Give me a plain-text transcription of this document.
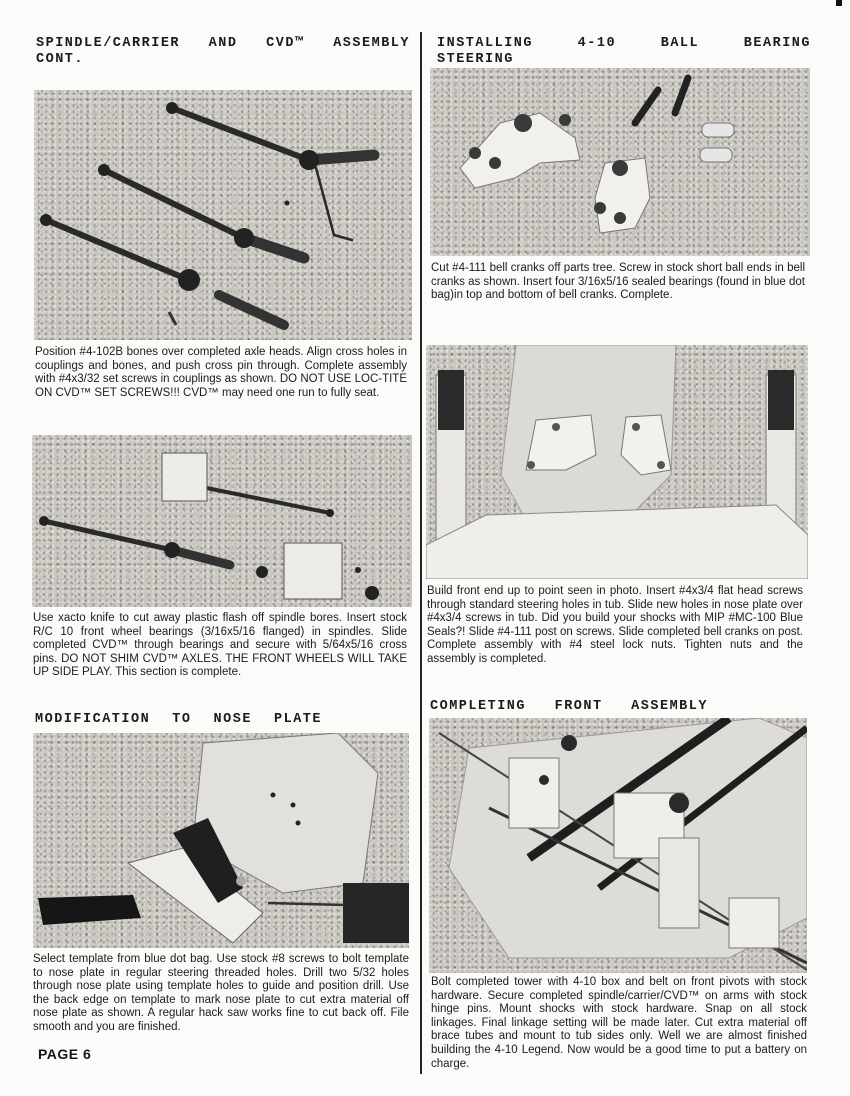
SPINDLE/CARRIER AND CVD™ ASSEMBLY
CONT.

Position #4-102B bones over completed axle heads. Align cross holes in couplings and bones, and push cross pin through. Complete assembly with #4x3/32 set screws in couplings as shown. DO NOT USE LOC-TITE ON CVD™ SET SCREWS!!! CVD™ may need one run to fully seat.

Use xacto knife to cut away plastic flash off spindle bores. Insert stock R/C 10 front wheel bearings (3/16x5/16 flanged) in spindles. Slide completed CVD™ through bearings and secure with 5/64x5/16 cross pins. DO NOT SHIM CVD™ AXLES. THE FRONT WHEELS WILL TAKE UP SIDE PLAY. This section is complete.

MODIFICATION TO NOSE PLATE

Select template from blue dot bag. Use stock #8 screws to bolt template to nose plate in regular steering threaded holes. Drill two 5/32 holes through nose plate using template holes to guide and position drill. Use the back edge on template to mark nose plate to cut extra material off nose plate as shown. A regular hack saw works fine to cut back off. File smooth and you are finished.

PAGE 6

INSTALLING 4-10 BALL BEARING
STEERING

Cut #4-111 bell cranks off parts tree. Screw in stock short ball ends in bell cranks as shown. Insert four 3/16x5/16 sealed bearings (found in blue dot bag)in top and bottom of bell cranks. Complete.

Build front end up to point seen in photo. Insert #4x3/4 flat head screws through standard steering holes in tub. Slide new holes in nose plate over #4x3/4 screws in tub. Did you build your shocks with MIP #MC-100 Blue Seals?! Slide #4-111 post on screws. Slide completed bell cranks on post. Complete assembly with #4 steel lock nuts. Tighten nuts and the assembly is completed.

COMPLETING FRONT ASSEMBLY

Bolt completed tower with 4-10 box and belt on front pivots with stock hardware. Secure completed spindle/carrier/CVD™ on arms with stock hinge pins. Mount shocks with stock hardware. Snap on all stock linkages. Final linkage setting will be made later. Cut extra material off brace tubes and mount to tub sides only. Well we are almost finished building the 4-10 Legend. Now would be a good time to put a battery on charge.
